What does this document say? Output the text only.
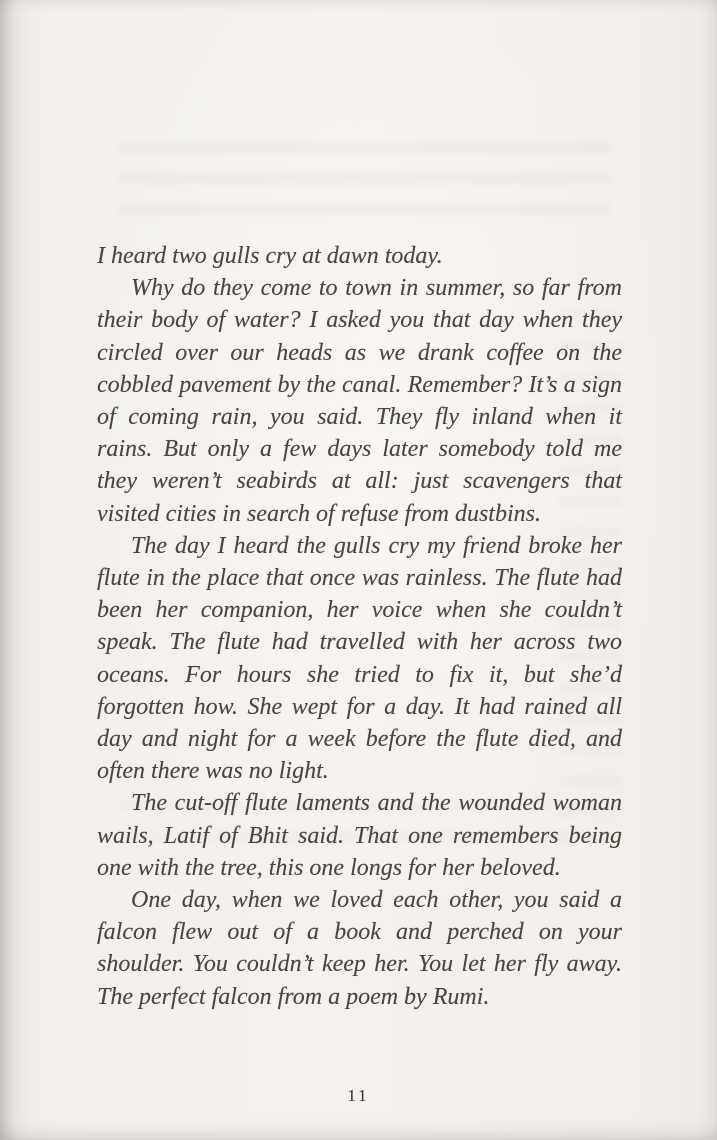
I heard two gulls cry at dawn today.

Why do they come to town in summer, so far from their body of water? I asked you that day when they circled over our heads as we drank coffee on the cobbled pavement by the canal. Remember? It’s a sign of coming rain, you said. They fly inland when it rains. But only a few days later somebody told me they weren’t seabirds at all: just scavengers that visited cities in search of refuse from dustbins.

The day I heard the gulls cry my friend broke her flute in the place that once was rainless. The flute had been her companion, her voice when she couldn’t speak. The flute had travelled with her across two oceans. For hours she tried to fix it, but she’d forgotten how. She wept for a day. It had rained all day and night for a week before the flute died, and often there was no light.

The cut-off flute laments and the wounded woman wails, Latif of Bhit said. That one remembers being one with the tree, this one longs for her beloved.

One day, when we loved each other, you said a falcon flew out of a book and perched on your shoulder. You couldn’t keep her. You let her fly away. The perfect falcon from a poem by Rumi.

11
